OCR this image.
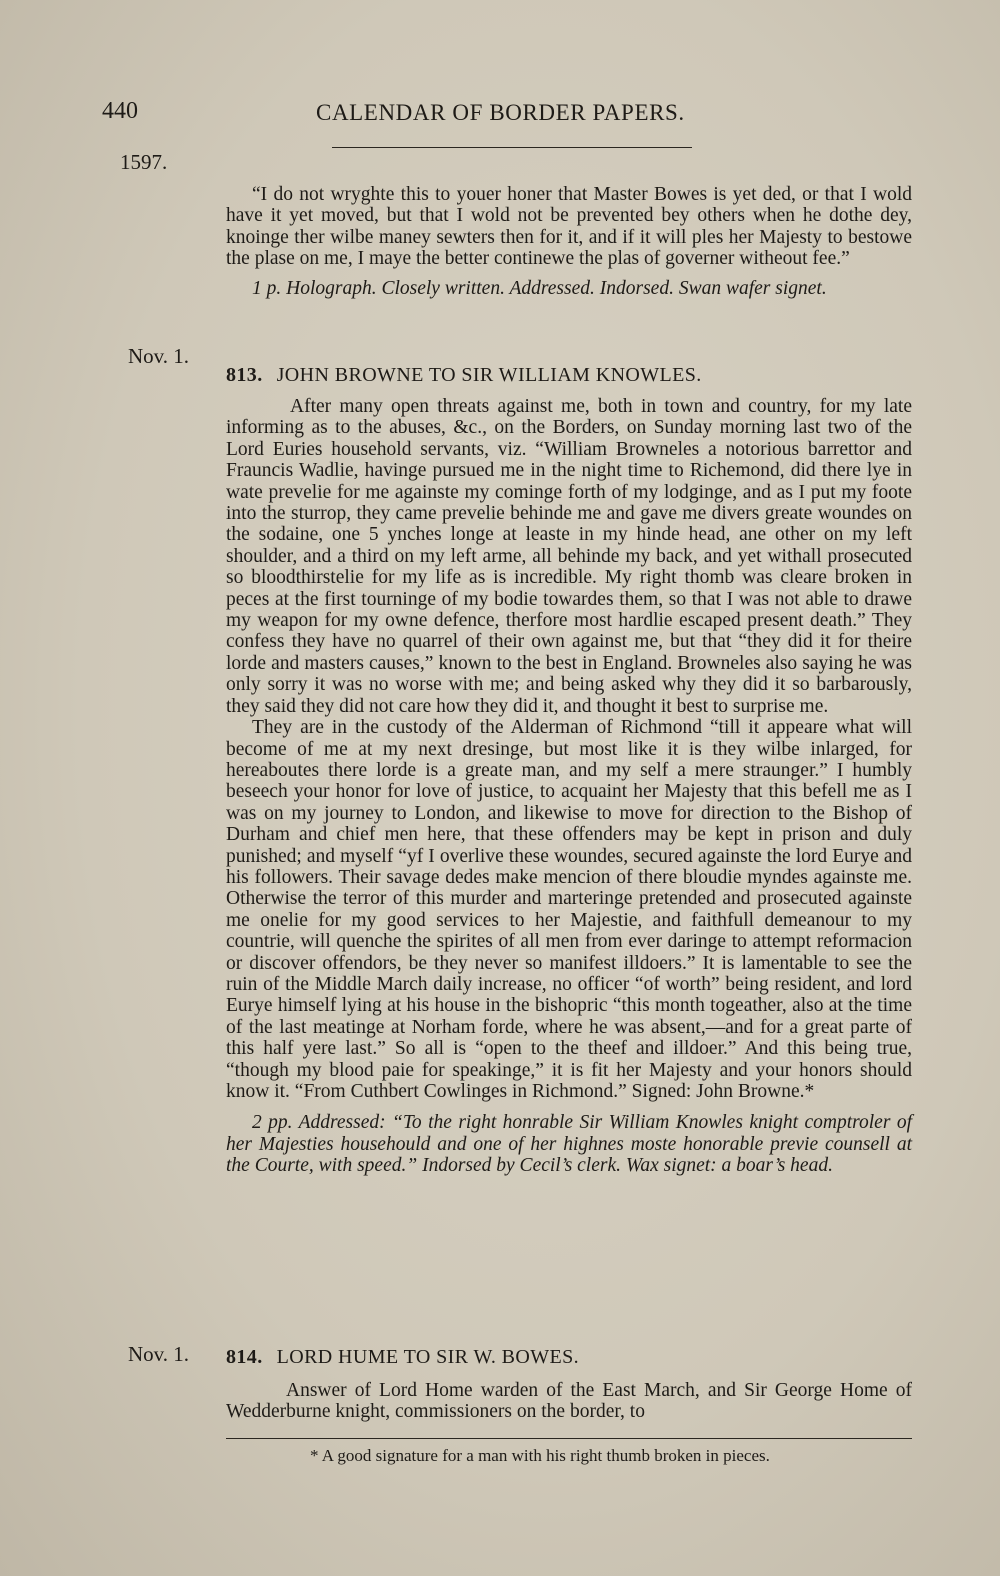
440	CALENDAR OF BORDER PAPERS.
1597.
Nov. 1.
Nov. 1.

“I do not wryghte this to youer honer that Master Bowes is yet ded, or that I wold have it yet moved, but that I wold not be prevented bey others when he dothe dey, knoinge ther wilbe maney sewters then for it, and if it will ples her Majesty to bestowe the plase on me, I maye the better continewe the plas of governer witheout fee.”

1 p. Holograph. Closely written. Addressed. Indorsed. Swan wafer signet.

813. JOHN BROWNE TO SIR WILLIAM KNOWLES.

After many open threats against me, both in town and country, for my late informing as to the abuses, &c., on the Borders, on Sunday morning last two of the Lord Euries household servants, viz. “William Browneles a notorious barrettor and Frauncіs Wadlie, havinge pursued me in the night time to Richemond, did there lye in wate prevelie for me againste my cominge forth of my lodginge, and as I put my foote into the sturrop, they came prevelie behinde me and gave me divers greate woundes on the sodaine, one 5 ynches longe at leaste in my hinde head, ane other on my left shoulder, and a third on my left arme, all behinde my back, and yet withall prosecuted so bloodthirstelie for my life as is incredible. My right thomb was cleare broken in peces at the first tourninge of my bodie towardes them, so that I was not able to drawe my weapon for my owne defence, therfore most hardlie escaped present death.” They confess they have no quarrel of their own against me, but that “they did it for theire lorde and masters causes,” known to the best in England. Browneles also saying he was only sorry it was no worse with me; and being asked why they did it so barbarously, they said they did not care how they did it, and thought it best to surprise me.

They are in the custody of the Alderman of Richmond “till it appeare what will become of me at my next dresinge, but most like it is they wilbe inlarged, for hereaboutes there lorde is a greate man, and my self a mere straunger.” I humbly beseech your honor for love of justice, to acquaint her Majesty that this befell me as I was on my journey to London, and likewise to move for direction to the Bishop of Durham and chief men here, that these offenders may be kept in prison and duly punished; and myself “yf I overlive these woundes, secured againste the lord Eurye and his followers. Their savage dedes make mencion of there bloudie myndes againste me. Otherwise the terror of this murder and marteringe pretended and prosecuted againste me onelie for my good services to her Majestie, and faithfull demeanour to my countrie, will quenche the spirites of all men from ever daringe to attempt reformacion or discover offendors, be they never so manifest illdoers.” It is lamentable to see the ruin of the Middle March daily increase, no officer “of worth” being resident, and lord Eurye himself lying at his house in the bishopric “this month togeather, also at the time of the last meatinge at Norham forde, where he was absent,—and for a great parte of this half yere last.” So all is “open to the theef and illdoer.” And this being true, “though my blood paie for speakinge,” it is fit her Majesty and your honors should know it. “From Cuthbert Cowlinges in Richmond.” Signed: John Browne.*

2 pp. Addressed: “To the right honrable Sir William Knowles knight comptroler of her Majesties househould and one of her highnes moste honorable previe counsell at the Courte, with speed.” Indorsed by Cecil’s clerk. Wax signet: a boar’s head.

814. LORD HUME TO SIR W. BOWES.

Answer of Lord Home warden of the East March, and Sir George Home of Wedderburne knight, commissioners on the border, to

* A good signature for a man with his right thumb broken in pieces.
